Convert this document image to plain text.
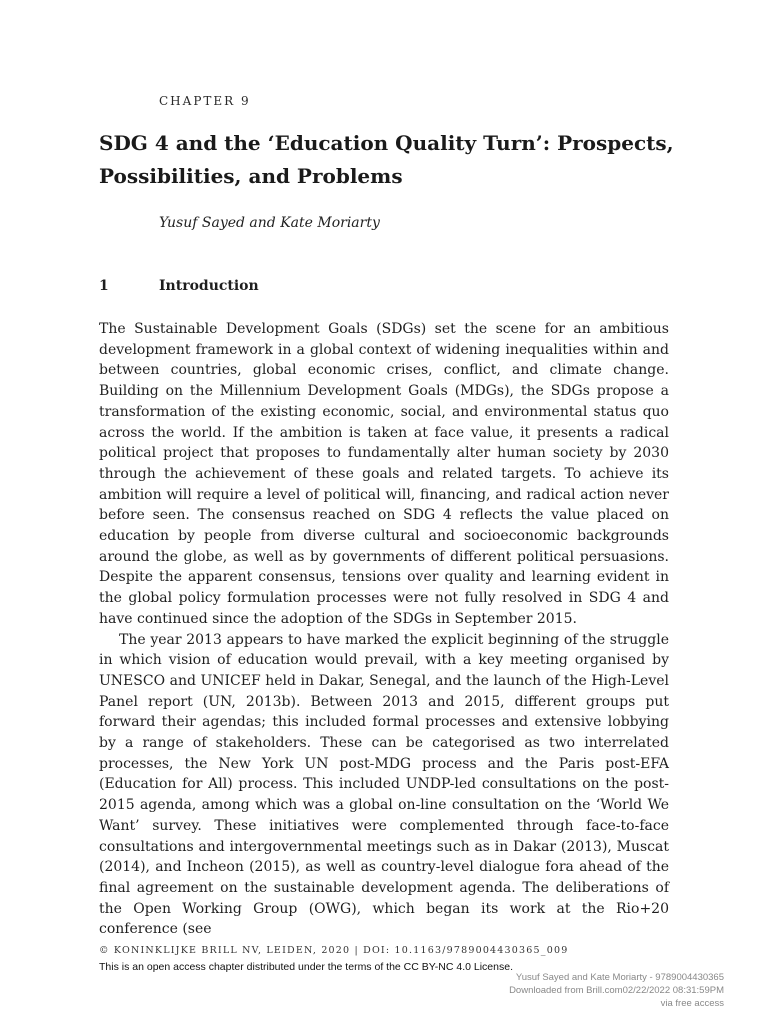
CHAPTER 9
SDG 4 and the ‘Education Quality Turn’: Prospects, Possibilities, and Problems
Yusuf Sayed and Kate Moriarty
1	Introduction

The Sustainable Development Goals (SDGs) set the scene for an ambitious development framework in a global context of widening inequalities within and between countries, global economic crises, conflict, and climate change. Building on the Millennium Development Goals (MDGs), the SDGs propose a transformation of the existing economic, social, and environmental status quo across the world. If the ambition is taken at face value, it presents a radical political project that proposes to fundamentally alter human society by 2030 through the achievement of these goals and related targets. To achieve its ambition will require a level of political will, financing, and radical action never before seen. The consensus reached on SDG 4 reflects the value placed on education by people from diverse cultural and socioeconomic backgrounds around the globe, as well as by governments of different political persuasions. Despite the apparent consensus, tensions over quality and learning evident in the global policy formulation processes were not fully resolved in SDG 4 and have continued since the adoption of the SDGs in September 2015.

The year 2013 appears to have marked the explicit beginning of the struggle in which vision of education would prevail, with a key meeting organised by UNESCO and UNICEF held in Dakar, Senegal, and the launch of the High-Level Panel report (UN, 2013b). Between 2013 and 2015, different groups put forward their agendas; this included formal processes and extensive lobbying by a range of stakeholders. These can be categorised as two interrelated processes, the New York UN post-MDG process and the Paris post-EFA (Education for All) process. This included UNDP-led consultations on the post-2015 agenda, among which was a global on-line consultation on the ‘World We Want’ survey. These initiatives were complemented through face-to-face consultations and intergovernmental meetings such as in Dakar (2013), Muscat (2014), and Incheon (2015), as well as country-level dialogue fora ahead of the final agreement on the sustainable development agenda. The deliberations of the Open Working Group (OWG), which began its work at the Rio+20 conference (see

© KONINKLIJKE BRILL NV, LEIDEN, 2020 | DOI: 10.1163/9789004430365_009
This is an open access chapter distributed under the terms of the CC BY-NC 4.0 License.
Yusuf Sayed and Kate Moriarty - 9789004430365
Downloaded from Brill.com02/22/2022 08:31:59PM
via free access
